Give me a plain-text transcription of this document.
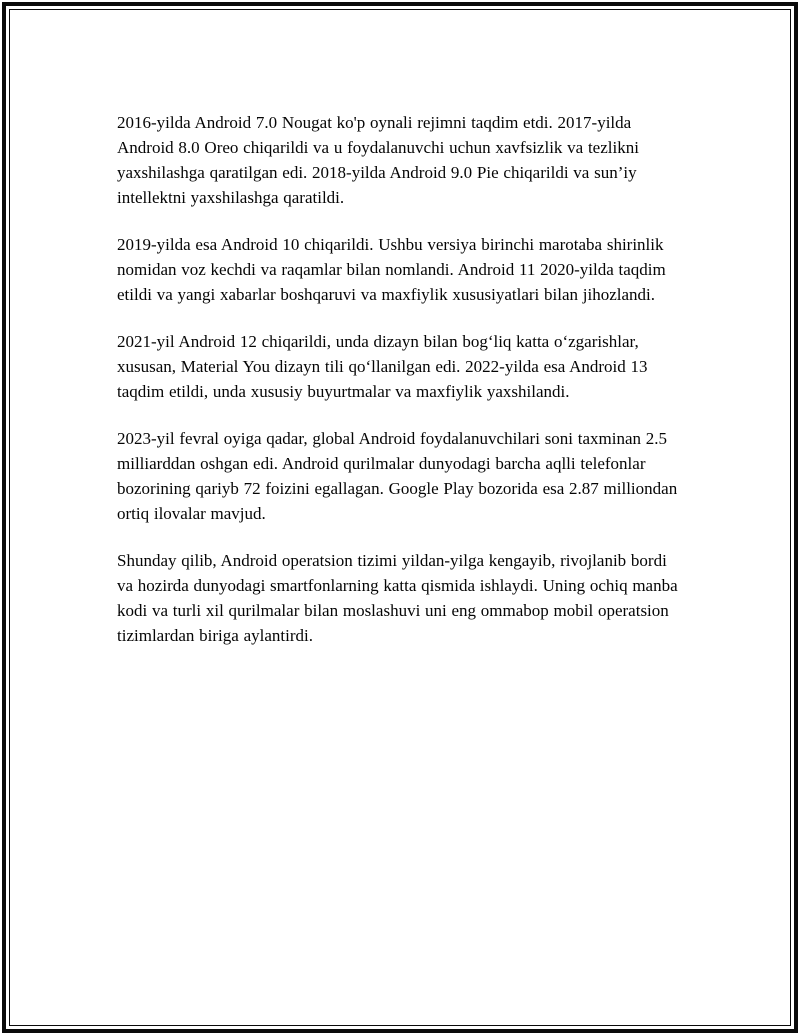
2016-yilda Android 7.0 Nougat ko'p oynali rejimni taqdim etdi. 2017-yilda Android 8.0 Oreo chiqarildi va u foydalanuvchi uchun xavfsizlik va tezlikni yaxshilashga qaratilgan edi. 2018-yilda Android 9.0 Pie chiqarildi va sun’iy intellektni yaxshilashga qaratildi.

2019-yilda esa Android 10 chiqarildi. Ushbu versiya birinchi marotaba shirinlik nomidan voz kechdi va raqamlar bilan nomlandi. Android 11 2020-yilda taqdim etildi va yangi xabarlar boshqaruvi va maxfiylik xususiyatlari bilan jihozlandi.

2021-yil Android 12 chiqarildi, unda dizayn bilan bog‘liq katta o‘zgarishlar, xususan, Material You dizayn tili qo‘llanilgan edi. 2022-yilda esa Android 13 taqdim etildi, unda xususiy buyurtmalar va maxfiylik yaxshilandi.

2023-yil fevral oyiga qadar, global Android foydalanuvchilari soni taxminan 2.5 milliarddan oshgan edi. Android qurilmalar dunyodagi barcha aqlli telefonlar bozorining qariyb 72 foizini egallagan. Google Play bozorida esa 2.87 milliondan ortiq ilovalar mavjud.

Shunday qilib, Android operatsion tizimi yildan-yilga kengayib, rivojlanib bordi va hozirda dunyodagi smartfonlarning katta qismida ishlaydi. Uning ochiq manba kodi va turli xil qurilmalar bilan moslashuvi uni eng ommabop mobil operatsion tizimlardan biriga aylantirdi.
